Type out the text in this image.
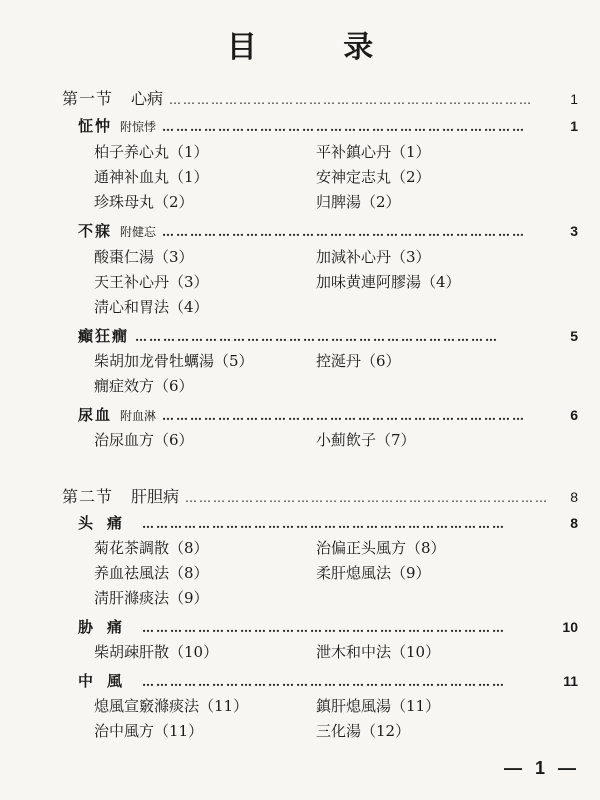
目 录
第一节 心病 ……………………………………………………………………	1
怔忡 附惊悸 ……………………………………………………………………	1
柏子养心丸（1）	平补鎮心丹（1）
通神补血丸（1）	安神定志丸（2）
珍珠母丸（2）	归脾湯（2）
不寐 附健忘 ……………………………………………………………………	3
酸棗仁湯（3）	加減补心丹（3）
天王补心丹（3）	加味黄連阿膠湯（4）
淸心和胃法（4）
癲狂癇 ……………………………………………………………………	5
柴胡加龙骨牡蠣湯（5）	控涎丹（6）
癇症效方（6）
尿血 附血淋 ……………………………………………………………………	6
治尿血方（6）	小薊飲子（7）
第二节 肝胆病 ……………………………………………………………………	8
头痛 ……………………………………………………………………	8
菊花茶調散（8）	治偏正头風方（8）
养血祛風法（8）	柔肝熄風法（9）
淸肝滌痰法（9）
胁痛 ……………………………………………………………………	10
柴胡疎肝散（10）	泄木和中法（10）
中風 ……………………………………………………………………	11
熄風宣竅滌痰法（11）	鎮肝熄風湯（11）
治中風方（11）	三化湯（12）
— 1 —
